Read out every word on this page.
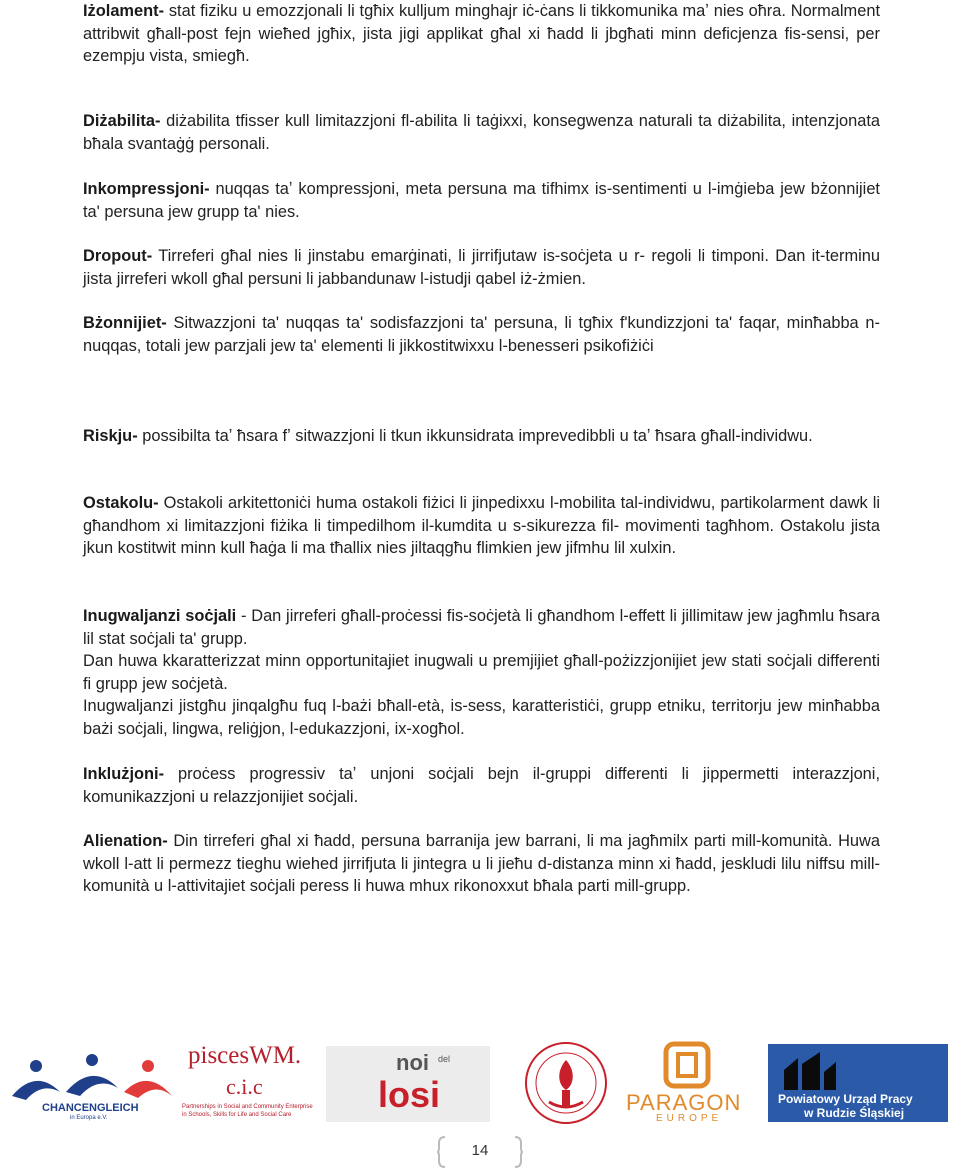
Iżolament- stat fiziku u emozzjonali li tgħix kulljum minghajr iċ-ċans li tikkomunika maʼ nies oħra. Normalment attribwit għall-post fejn wieħed jgħix, jista jigi applikat għal xi ħadd li jbgħati minn deficjenza fis-sensi, per ezempju vista, smiegħ.

Diżabilita- diżabilita tfisser kull limitazzjoni fl-abilita li taġixxi, konsegwenza naturali ta diżabilita, intenzjonata bħala svantaġġ personali.

Inkompressjoni- nuqqas taʼ kompressjoni, meta persuna ma tifhimx is-sentimenti u l-imġieba jew bżonnijiet ta' persuna jew grupp ta' nies.

Dropout- Tirreferi għal nies li jinstabu emarġinati, li jirrifjutaw is-soċjeta u r- regoli li timponi. Dan it-terminu jista jirreferi wkoll għal persuni li jabbandunaw l-istudji qabel iż-żmien.

Bżonnijiet- Sitwazzjoni ta' nuqqas ta' sodisfazzjoni ta' persuna, li tgħix f'kundizzjoni ta' faqar, minħabba n-nuqqas, totali jew parzjali jew ta' elementi li jikkostitwixxu l-benesseri psikofiżiċi

Riskju- possibilta taʼ ħsara fʼ sitwazzjoni li tkun ikkunsidrata imprevedibbli u taʼ ħsara għall-individwu.

Ostakolu- Ostakoli arkitettoniċi huma ostakoli fiżici li jinpedixxu l-mobilita tal-individwu, partikolarment dawk li għandhom xi limitazzjoni fiżika li timpedilhom il-kumdita u s-sikurezza fil- movimenti tagħhom. Ostakolu jista jkun kostitwit minn kull ħaġa li ma tħallix nies jiltaqgħu flimkien jew jifmhu lil xulxin.

Inugwaljanzi soċjali - Dan jirreferi għall-proċessi fis-soċjetà li għandhom l-effett li jillimitaw jew jagħmlu ħsara lil stat soċjali ta' grupp.

Dan huwa kkaratterizzat minn opportunitajiet inugwali u premjijiet għall-pożizzjonijiet jew stati soċjali differenti fi grupp jew soċjetà.

Inugwaljanzi jistgħu jinqalgħu fuq l-bażi bħall-età, is-sess, karatteristiċi, grupp etniku, territorju jew minħabba bażi soċjali, lingwa, reliġjon, l-edukazzjoni, ix-xogħol.

Inklużjoni- proċess progressiv taʼ unjoni soċjali bejn il-gruppi differenti li jippermetti interazzjoni, komunikazzjoni u relazzjonijiet soċjali.

Alienation- Din tirreferi għal xi ħadd, persuna barranija jew barrani, li ma jagħmilx parti mill-komunità. Huwa wkoll l-att li permezz tieghu wiehed jirrifjuta li jintegra u li jieħu d-distanza minn xi ħadd, jeskludi lilu niffsu mill-komunità u l-attivitajiet soċjali peress li huwa mhux rikonoxxut bħala parti mill-grupp.

CHANCENGLEICH
in Europa e.V.
piscesWM.
c.i.c
Partnerships in Social and Community Enterprise
in Schools, Skills for Life and Social Care
noi del
losi	PARAGON
EUROPE
Powiatowy Urząd Pracy
w Rudzie Śląskiej
14
